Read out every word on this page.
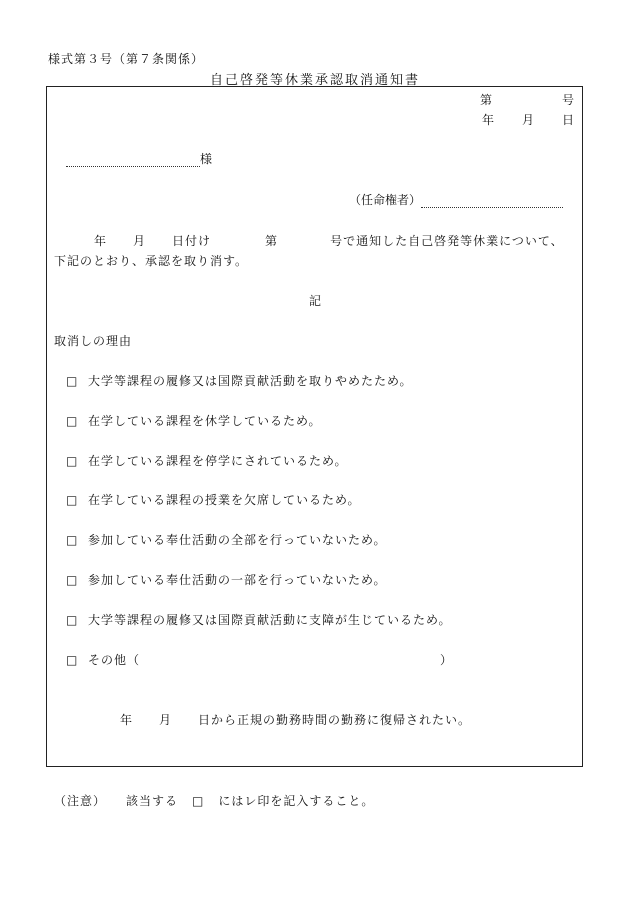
様式第３号（第７条関係）
自己啓発等休業承認取消通知書
第	号
年 月 日
様
（任命権者）
年 月 日付け	第	号で通知した自己啓発等休業について、
下記のとおり、承認を取り消す。
記
取消しの理由
□ 大学等課程の履修又は国際貢献活動を取りやめたため。
□ 在学している課程を休学しているため。
□ 在学している課程を停学にされているため。
□ 在学している課程の授業を欠席しているため。
□ 参加している奉仕活動の全部を行っていないため。
□ 参加している奉仕活動の一部を行っていないため。
□ 大学等課程の履修又は国際貢献活動に支障が生じているため。
□ その他（	）
年 月 日から正規の勤務時間の勤務に復帰されたい。
（注意） 該当する □ にはレ印を記入すること。
